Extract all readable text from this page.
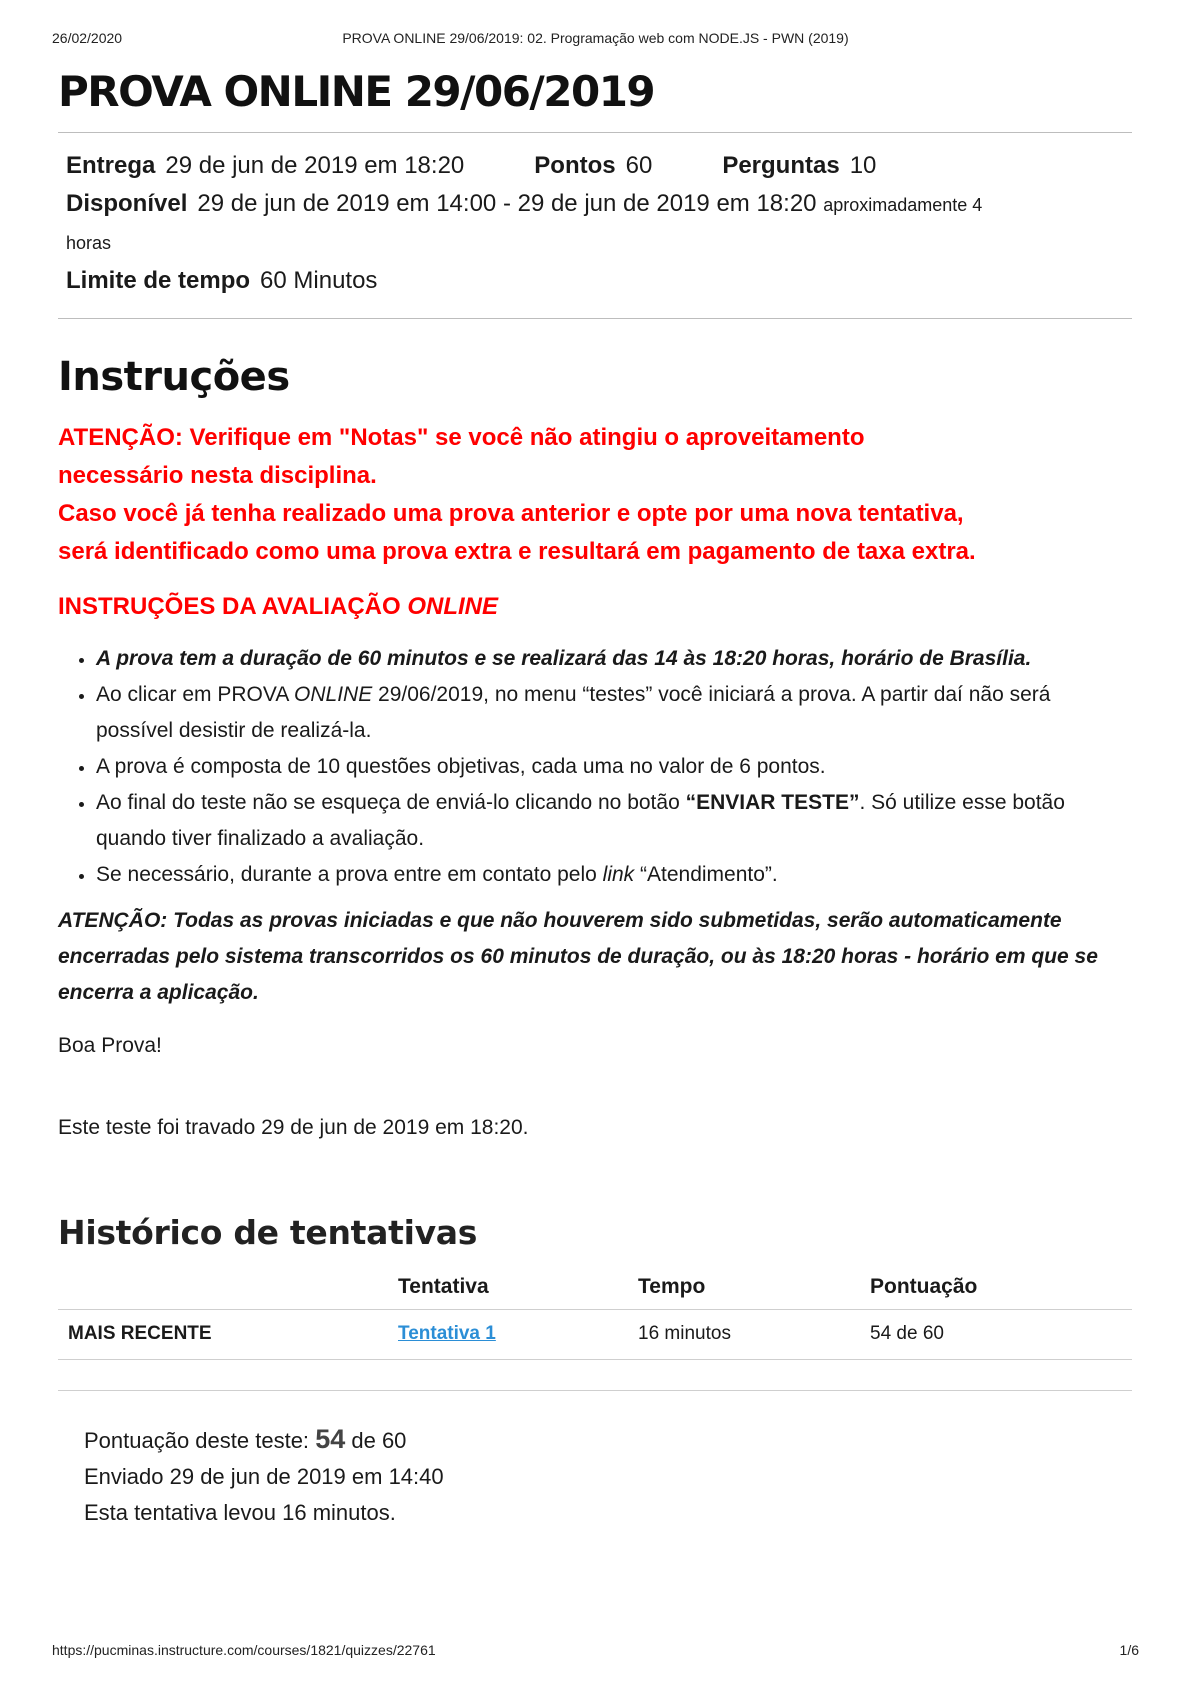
26/02/2020	PROVA ONLINE 29/06/2019: 02. Programação web com NODE.JS - PWN (2019)
PROVA ONLINE 29/06/2019
Entrega 29 de jun de 2019 em 18:20	Pontos 60	Perguntas 10
Disponível 29 de jun de 2019 em 14:00 - 29 de jun de 2019 em 18:20 aproximadamente 4
horas
Limite de tempo 60 Minutos
Instruções
ATENÇÃO: Verifique em "Notas" se você não atingiu o aproveitamento
necessário nesta disciplina.
Caso você já tenha realizado uma prova anterior e opte por uma nova tentativa,
será identificado como uma prova extra e resultará em pagamento de taxa extra.
INSTRUÇÕES DA AVALIAÇÃO ONLINE
• A prova tem a duração de 60 minutos e se realizará das 14 às 18:20 horas, horário de Brasília.
• Ao clicar em PROVA ONLINE 29/06/2019, no menu “testes” você iniciará a prova. A partir daí não será possível desistir de realizá-la.
• A prova é composta de 10 questões objetivas, cada uma no valor de 6 pontos.
• Ao final do teste não se esqueça de enviá-lo clicando no botão “ENVIAR TESTE”. Só utilize esse botão quando tiver finalizado a avaliação.
• Se necessário, durante a prova entre em contato pelo link “Atendimento”.

ATENÇÃO: Todas as provas iniciadas e que não houverem sido submetidas, serão automaticamente encerradas pelo sistema transcorridos os 60 minutos de duração, ou às 18:20 horas - horário em que se encerra a aplicação.

Boa Prova!

Este teste foi travado 29 de jun de 2019 em 18:20.

Histórico de tentativas
	Tentativa	Tempo	Pontuação
MAIS RECENTE	Tentativa 1	16 minutos	54 de 60
Pontuação deste teste: 54 de 60
Enviado 29 de jun de 2019 em 14:40
Esta tentativa levou 16 minutos.
https://pucminas.instructure.com/courses/1821/quizzes/22761	1/6
